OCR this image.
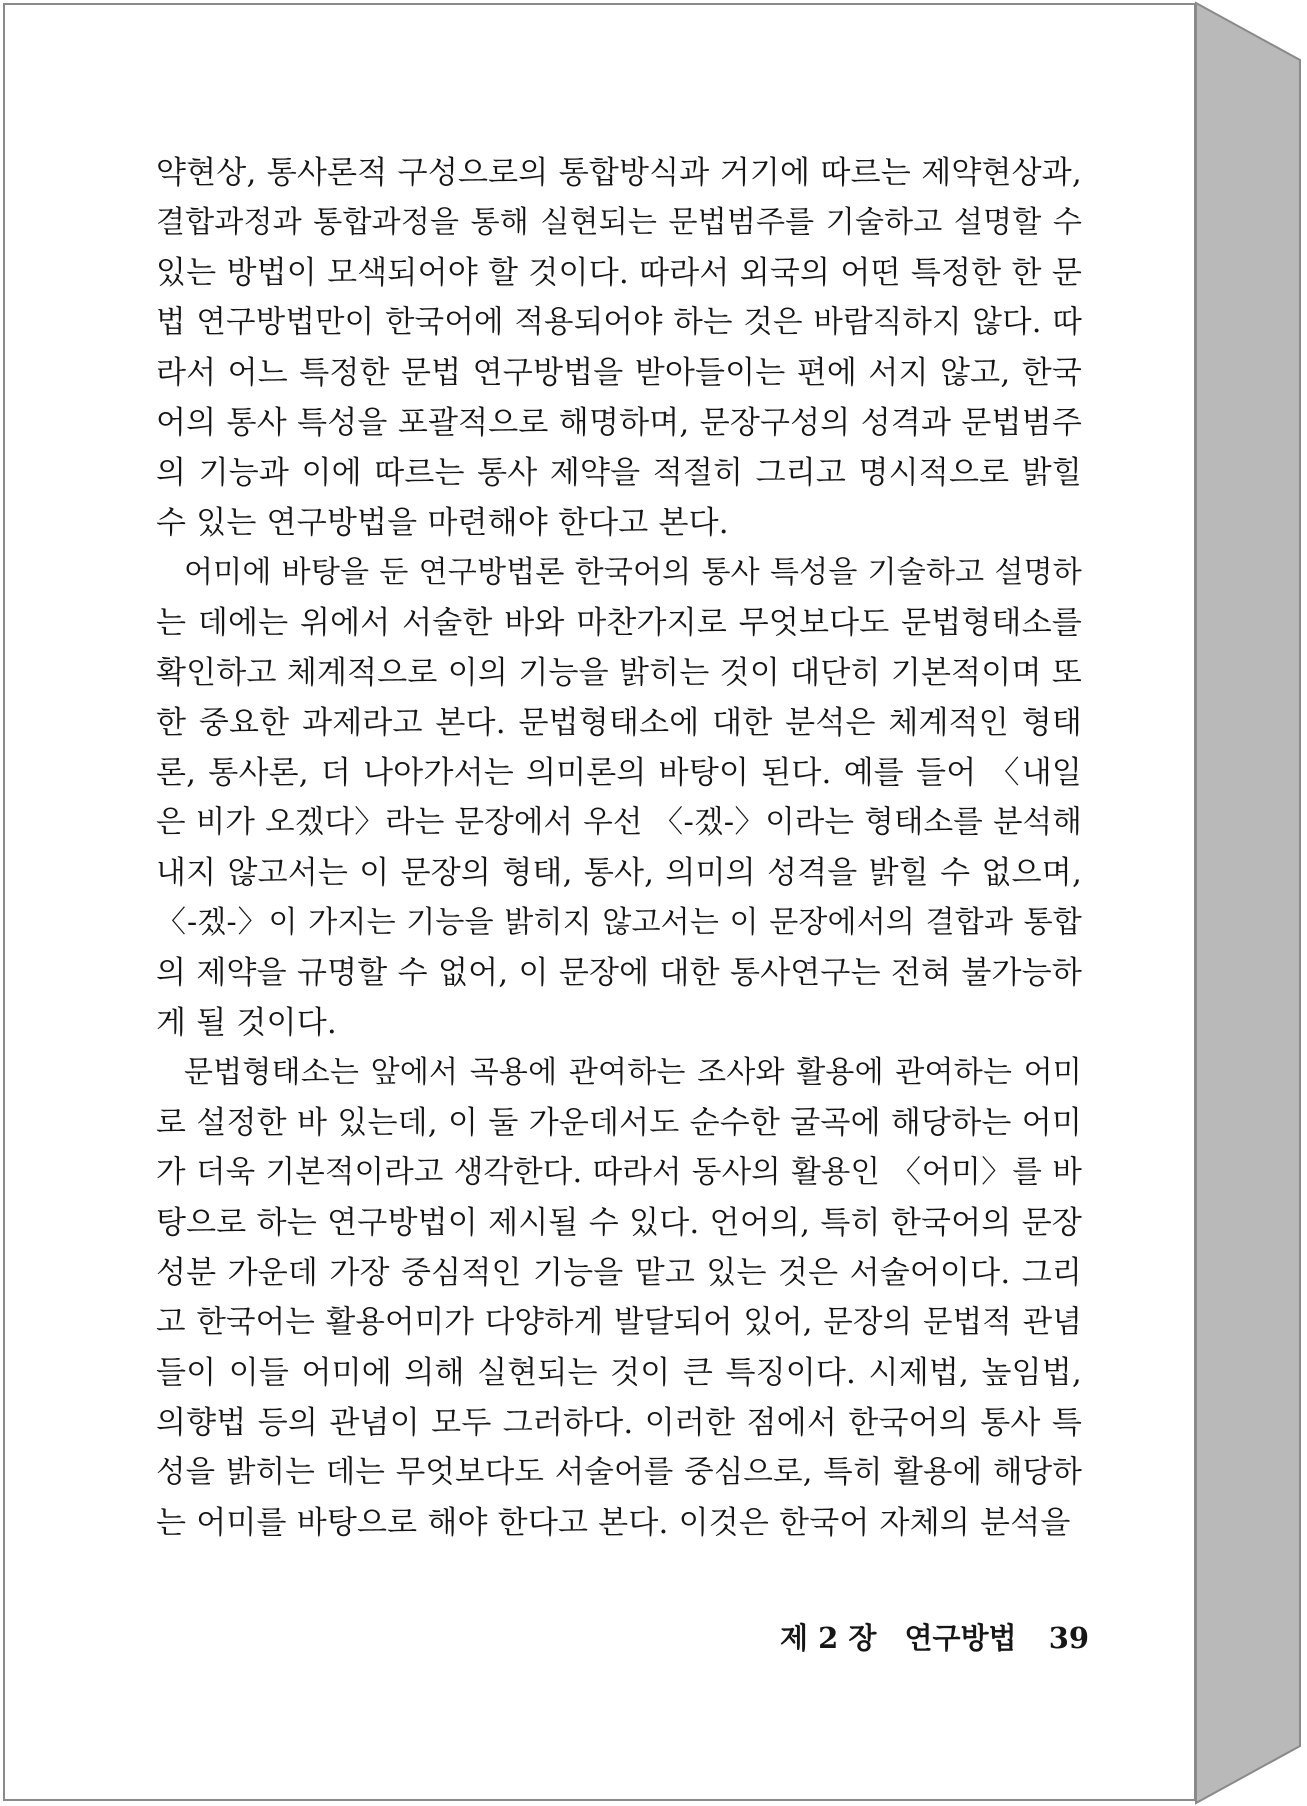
약현상, 통사론적 구성으로의 통합방식과 거기에 따르는 제약현상과,
결합과정과 통합과정을 통해 실현되는 문법범주를 기술하고 설명할 수
있는 방법이 모색되어야 할 것이다. 따라서 외국의 어떤 특정한 한 문
법 연구방법만이 한국어에 적용되어야 하는 것은 바람직하지 않다. 따
라서 어느 특정한 문법 연구방법을 받아들이는 편에 서지 않고, 한국
어의 통사 특성을 포괄적으로 해명하며, 문장구성의 성격과 문법범주
의 기능과 이에 따르는 통사 제약을 적절히 그리고 명시적으로 밝힐
수 있는 연구방법을 마련해야 한다고 본다.
어미에 바탕을 둔 연구방법론 한국어의 통사 특성을 기술하고 설명하
는 데에는 위에서 서술한 바와 마찬가지로 무엇보다도 문법형태소를
확인하고 체계적으로 이의 기능을 밝히는 것이 대단히 기본적이며 또
한 중요한 과제라고 본다. 문법형태소에 대한 분석은 체계적인 형태
론, 통사론, 더 나아가서는 의미론의 바탕이 된다. 예를 들어 〈내일
은 비가 오겠다〉라는 문장에서 우선 〈-겠-〉이라는 형태소를 분석해
내지 않고서는 이 문장의 형태, 통사, 의미의 성격을 밝힐 수 없으며,
〈-겠-〉이 가지는 기능을 밝히지 않고서는 이 문장에서의 결합과 통합
의 제약을 규명할 수 없어, 이 문장에 대한 통사연구는 전혀 불가능하
게 될 것이다.
문법형태소는 앞에서 곡용에 관여하는 조사와 활용에 관여하는 어미
로 설정한 바 있는데, 이 둘 가운데서도 순수한 굴곡에 해당하는 어미
가 더욱 기본적이라고 생각한다. 따라서 동사의 활용인 〈어미〉를 바
탕으로 하는 연구방법이 제시될 수 있다. 언어의, 특히 한국어의 문장
성분 가운데 가장 중심적인 기능을 맡고 있는 것은 서술어이다. 그리
고 한국어는 활용어미가 다양하게 발달되어 있어, 문장의 문법적 관념
들이 이들 어미에 의해 실현되는 것이 큰 특징이다. 시제법, 높임법,
의향법 등의 관념이 모두 그러하다. 이러한 점에서 한국어의 통사 특
성을 밝히는 데는 무엇보다도 서술어를 중심으로, 특히 활용에 해당하
는 어미를 바탕으로 해야 한다고 본다. 이것은 한국어 자체의 분석을
제 2 장 연구방법 39
